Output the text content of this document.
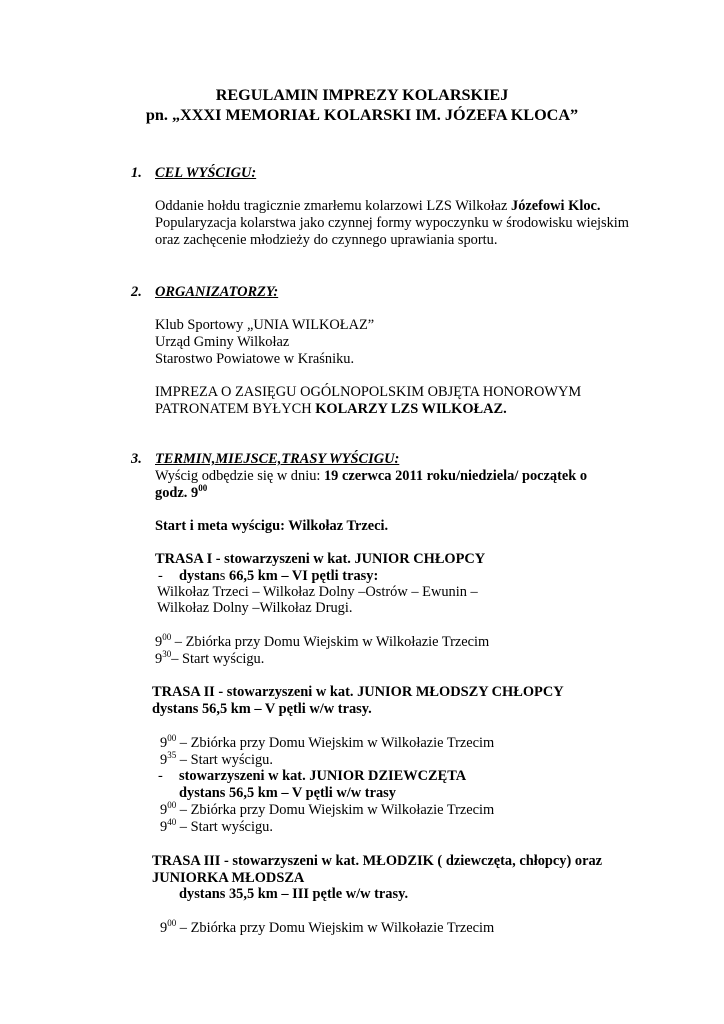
REGULAMIN IMPREZY KOLARSKIEJ
pn. „XXXI MEMORIAŁ KOLARSKI IM. JÓZEFA KLOCA”
1. CEL WYŚCIGU:
Oddanie hołdu tragicznie zmarłemu kolarzowi LZS Wilkołaz Józefowi Kloc.
Popularyzacja kolarstwa jako czynnej formy wypoczynku w środowisku wiejskim
oraz zachęcenie młodzieży do czynnego uprawiania sportu.
2. ORGANIZATORZY:
Klub Sportowy „UNIA WILKOŁAZ”
Urząd Gminy Wilkołaz
Starostwo Powiatowe w Kraśniku.
IMPREZA O ZASIĘGU OGÓLNOPOLSKIM OBJĘTA HONOROWYM
PATRONATEM BYŁYCH KOLARZY LZS WILKOŁAZ.
3. TERMIN,MIEJSCE,TRASY WYŚCIGU:
Wyścig odbędzie się w dniu: 19 czerwca 2011 roku/niedziela/ początek o
godz. $9^{00}$
Start i meta wyścigu: Wilkołaz Trzeci.
TRASA I - stowarzyszeni w kat. JUNIOR CHŁOPCY
- dystans 66,5 km – VI pętli trasy:
Wilkołaz Trzeci – Wilkołaz Dolny –Ostrów – Ewunin –
Wilkołaz Dolny –Wilkołaz Drugi.
$9^{00}$ – Zbiórka przy Domu Wiejskim w Wilkołazie Trzecim
$9^{30}-$ Start wyścigu.
TRASA II - stowarzyszeni w kat. JUNIOR MŁODSZY CHŁOPCY
dystans 56,5 km – V pętli w/w trasy.
$9^{00}$ – Zbiórka przy Domu Wiejskim w Wilkołazie Trzecim
$9^{35}$ – Start wyścigu.
- stowarzyszeni w kat. JUNIOR DZIEWCZĘTA
dystans 56,5 km – V pętli w/w trasy
$9^{00}$ – Zbiórka przy Domu Wiejskim w Wilkołazie Trzecim
$9^{40}$ – Start wyścigu.
TRASA III - stowarzyszeni w kat. MŁODZIK ( dziewczęta, chłopcy) oraz
JUNIORKA MŁODSZA
dystans 35,5 km – III pętle w/w trasy.
$9^{00}$ – Zbiórka przy Domu Wiejskim w Wilkołazie Trzecim
